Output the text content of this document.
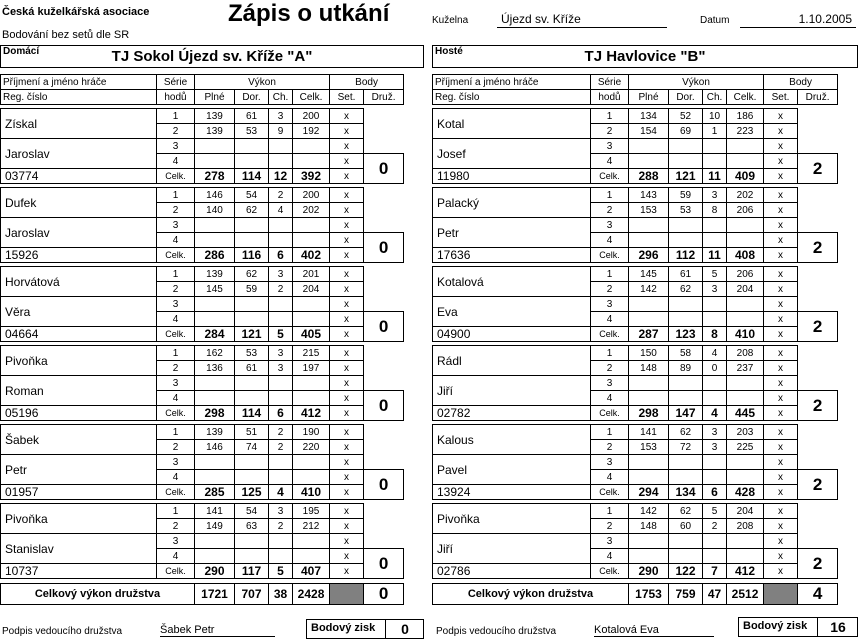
Česká kuželkářská asociace
Bodování bez setů dle SR
Zápis o utkání	Kuželna	Újezd sv. Kříže	Datum	1.10.2005
Domácí	TJ Sokol Újezd sv. Kříže "A"	Hosté	TJ Havlovice "B"
Příjmení a jméno hráče	Série	Výkon				Body	
Reg. číslo	hodů	Plné	Dor.	Ch.	Celk.	Set.	Druž.

Získal	1	139	61	3	200	x	
	2	139	53	9	192	x	
Jaroslav	3					x	
	4					x	0
03774	Celk.	278	114	12	392	x	

Dufek	1	146	54	2	200	x	
	2	140	62	4	202	x	
Jaroslav	3					x	
	4					x	0
15926	Celk.	286	116	6	402	x	

Horvátová	1	139	62	3	201	x	
	2	145	59	2	204	x	
Věra	3					x	
	4					x	0
04664	Celk.	284	121	5	405	x	

Pivoňka	1	162	53	3	215	x	
	2	136	61	3	197	x	
Roman	3					x	
	4					x	0
05196	Celk.	298	114	6	412	x	

Šabek	1	139	51	2	190	x	
	2	146	74	2	220	x	
Petr	3					x	
	4					x	0
01957	Celk.	285	125	4	410	x	

Pivoňka	1	141	54	3	195	x	
	2	149	63	2	212	x	
Stanislav	3					x	
	4					x	0
10737	Celk.	290	117	5	407	x	

Celkový výkon družstva		1721	707	38	2428		0
Příjmení a jméno hráče	Série	Výkon				Body	
Reg. číslo	hodů	Plné	Dor.	Ch.	Celk.	Set.	Druž.

Kotal	1	134	52	10	186	x	
	2	154	69	1	223	x	
Josef	3					x	
	4					x	2
11980	Celk.	288	121	11	409	x	

Palacký	1	143	59	3	202	x	
	2	153	53	8	206	x	
Petr	3					x	
	4					x	2
17636	Celk.	296	112	11	408	x	

Kotalová	1	145	61	5	206	x	
	2	142	62	3	204	x	
Eva	3					x	
	4					x	2
04900	Celk.	287	123	8	410	x	

Rádl	1	150	58	4	208	x	
	2	148	89	0	237	x	
Jiří	3					x	
	4					x	2
02782	Celk.	298	147	4	445	x	

Kalous	1	141	62	3	203	x	
	2	153	72	3	225	x	
Pavel	3					x	
	4					x	2
13924	Celk.	294	134	6	428	x	

Pivoňka	1	142	62	5	204	x	
	2	148	60	2	208	x	
Jiří	3					x	
	4					x	2
02786	Celk.	290	122	7	412	x	

Celkový výkon družstva		1753	759	47	2512		4
Podpis vedoucího družstva	Šabek Petr	Bodový zisk	0	Podpis vedoucího družstva	Kotalová Eva	Bodový zisk	16
